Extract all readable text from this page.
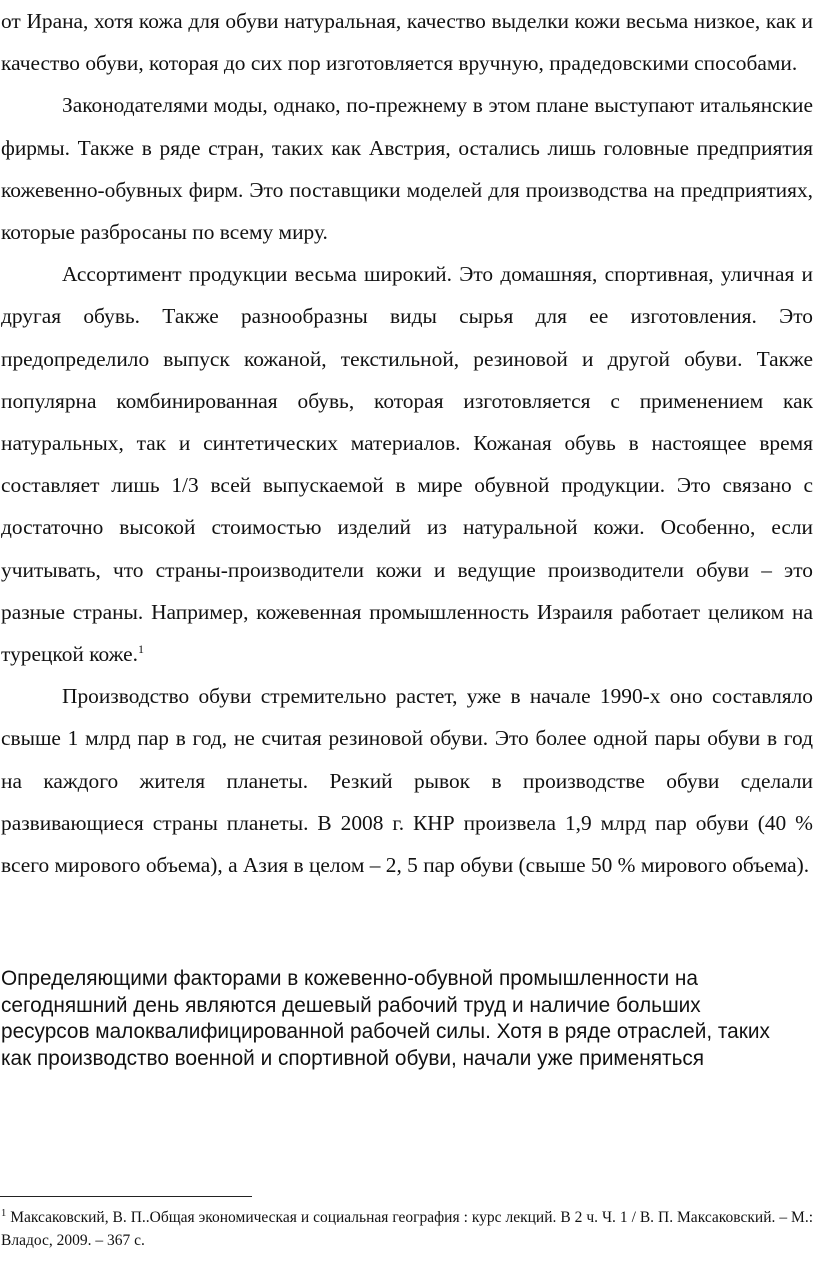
от Ирана, хотя кожа для обуви натуральная, качество выделки кожи весьма низкое, как и качество обуви, которая до сих пор изготовляется вручную, прадедовскими способами.

Законодателями моды, однако, по-прежнему в этом плане выступают итальянские фирмы. Также в ряде стран, таких как Австрия, остались лишь головные предприятия кожевенно-обувных фирм. Это поставщики моделей для производства на предприятиях, которые разбросаны по всему миру.

Ассортимент продукции весьма широкий. Это домашняя, спортивная, уличная и другая обувь. Также разнообразны виды сырья для ее изготовления. Это предопределило выпуск кожаной, текстильной, резиновой и другой обуви. Также популярна комбинированная обувь, которая изготовляется с применением как натуральных, так и синтетических материалов. Кожаная обувь в настоящее время составляет лишь 1/3 всей выпускаемой в мире обувной продукции. Это связано с достаточно высокой стоимостью изделий из натуральной кожи. Особенно, если учитывать, что страны-производители кожи и ведущие производители обуви – это разные страны. Например, кожевенная промышленность Израиля работает целиком на турецкой коже.$^1$

Производство обуви стремительно растет, уже в начале 1990-х оно составляло свыше 1 млрд пар в год, не считая резиновой обуви. Это более одной пары обуви в год на каждого жителя планеты. Резкий рывок в производстве обуви сделали развивающиеся страны планеты. В 2008 г. КНР произвела 1,9 млрд пар обуви (40 % всего мирового объема), а Азия в целом – 2, 5 пар обуви (свыше 50 % мирового объема).

Определяющими факторами в кожевенно-обувной промышленности на

сегодняшний день являются дешевый рабочий труд и наличие больших

ресурсов малоквалифицированной рабочей силы. Хотя в ряде отраслей, таких

как производство военной и спортивной обуви, начали уже применяться

$^1$ Максаковский, В. П..Общая экономическая и социальная география : курс лекций. В 2 ч. Ч. 1 / В. П. Максаковский. – М.: Владос, 2009. – 367 с.
